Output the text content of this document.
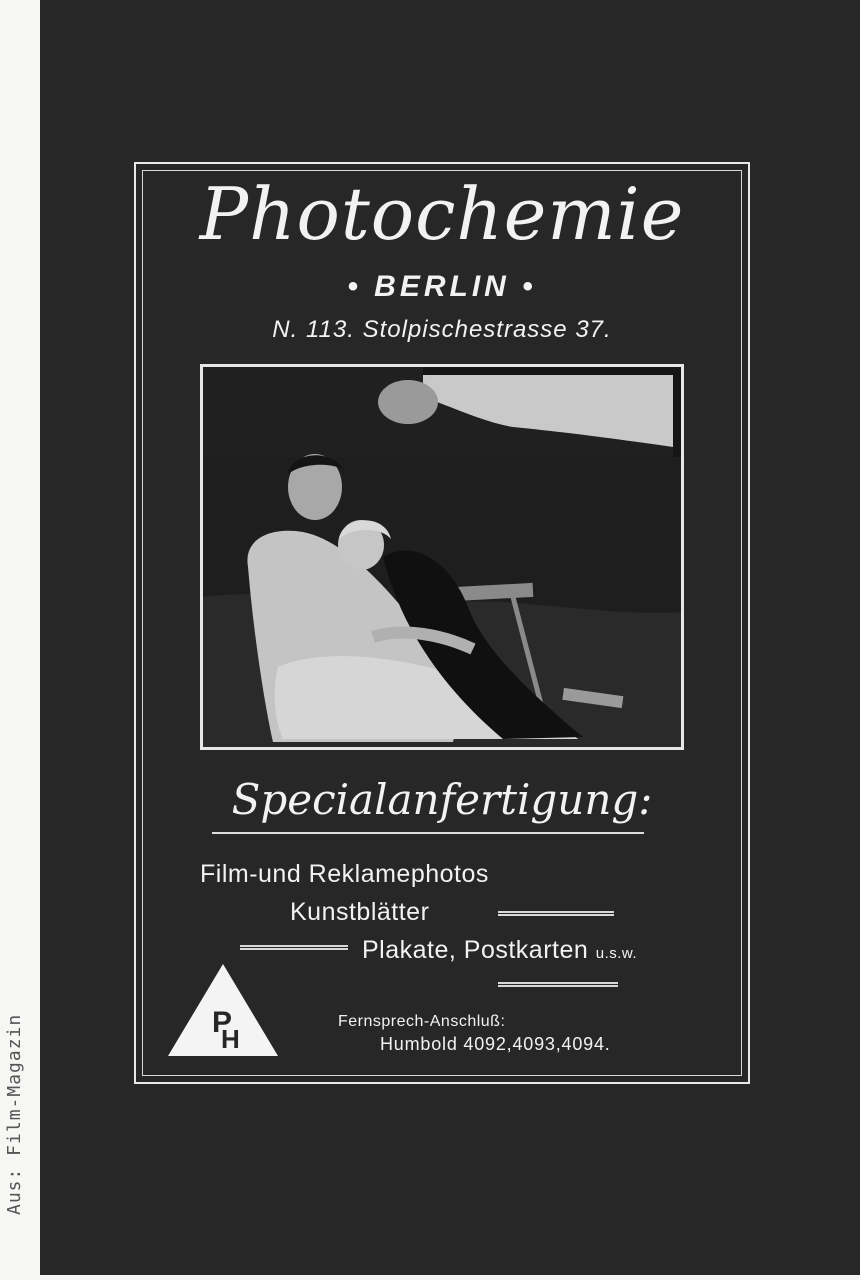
Aus: Film-Magazin
Photochemie
• BERLIN •
N. 113. Stolpischestrasse 37.
Specialanfertigung:
Film-und Reklamephotos
Kunstblätter
Plakate, Postkarten u.s.w.
P
H
Fernsprech-Anschluß:
Humbold 4092,4093,4094.
